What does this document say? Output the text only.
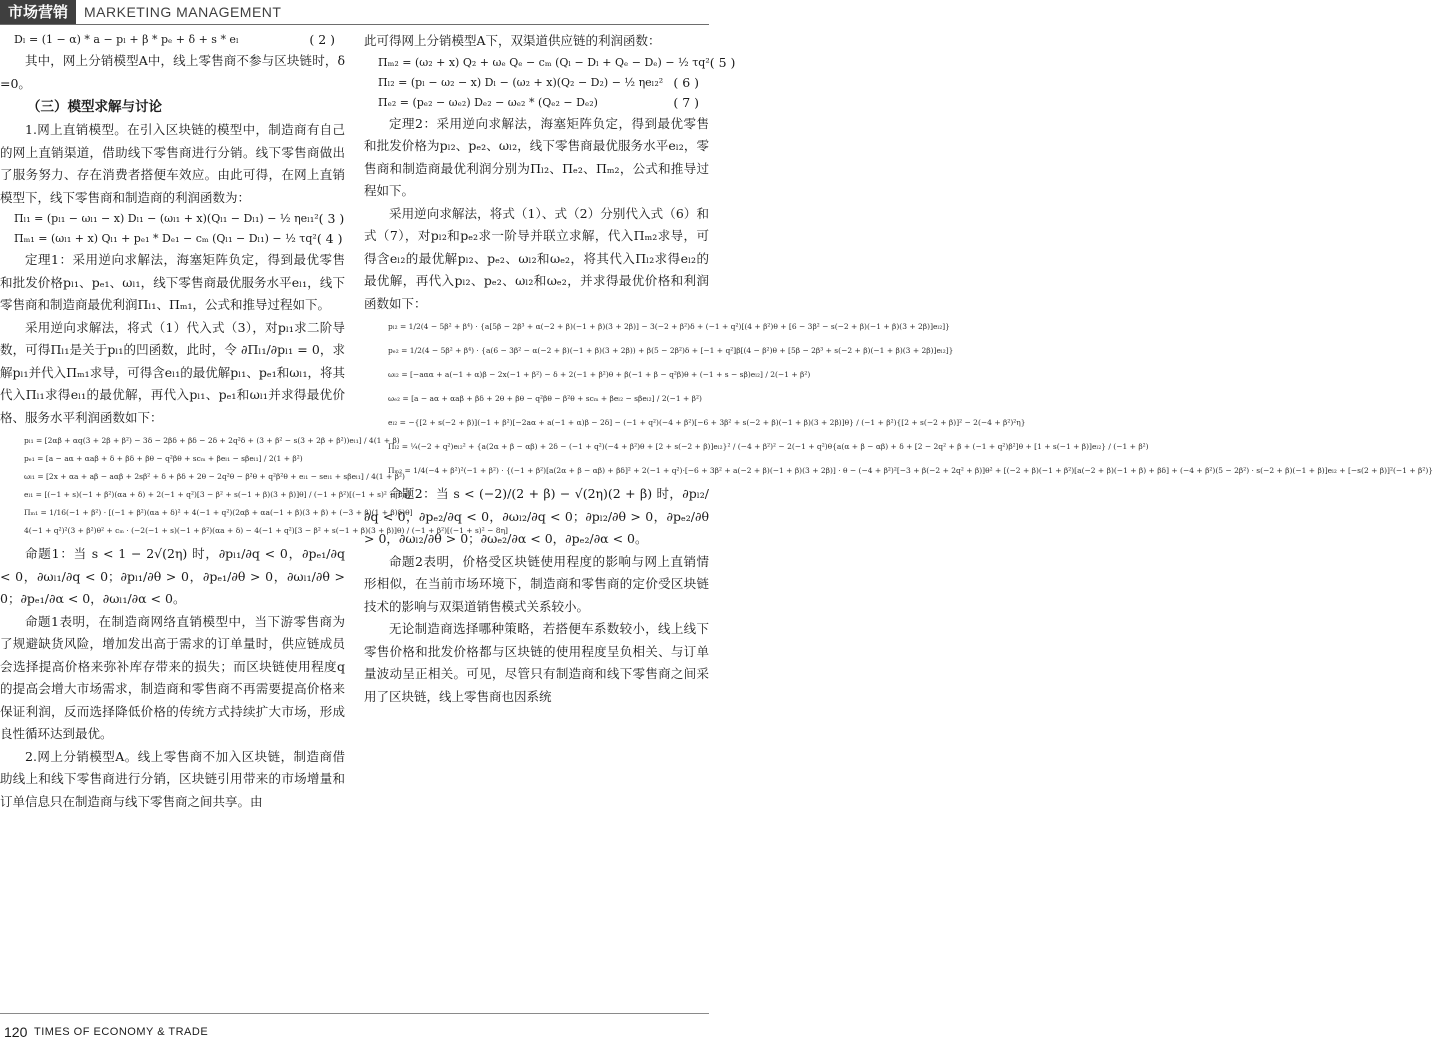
市场营销	MARKETING MANAGEMENT
Dₗ = (1 − α) * a − pₗ + β * pₑ + δ + s * eₗ	( 2 )

其中，网上分销模型A中，线上零售商不参与区块链时，δ =0。

（三）模型求解与讨论

1.网上直销模型。在引入区块链的模型中，制造商有自己的网上直销渠道，借助线下零售商进行分销。线下零售商做出了服务努力、存在消费者搭便车效应。由此可得，在网上直销模型下，线下零售商和制造商的利润函数为：

Πₗ₁ = (pₗ₁ − ωₗ₁ − x) Dₗ₁ − (ωₗ₁ + x)(Qₗ₁ − Dₗ₁) − ½ ηeₗ₁² ( 3 )
Πₘ₁ = (ωₗ₁ + x) Qₗ₁ + pₑ₁ * Dₑ₁ − cₘ (Qₗ₁ − Dₗ₁) − ½ τq² ( 4 )

定理1：采用逆向求解法，海塞矩阵负定，得到最优零售和批发价格pₗ₁、pₑ₁、ωₗ₁，线下零售商最优服务水平eₗ₁，线下零售商和制造商最优利润Πₗ₁、Πₘ₁，公式和推导过程如下。

采用逆向求解法，将式（1）代入式（3），对pₗ₁求二阶导数，可得Πₗ₁是关于pₗ₁的凹函数，此时，令 ∂Πₗ₁/∂pₗ₁ = 0，求解pₗ₁并代入Πₘ₁求导，可得含eₗ₁的最优解pₗ₁、pₑ₁和ωₗ₁，将其代入Πₗ₁求得eₗ₁的最优解，再代入pₗ₁、pₑ₁和ωₗ₁并求得最优价格、服务水平利润函数如下：

pₗ₁ = [2αβ + αq(3 + 2β + β²) − 3δ − 2βδ + βδ − 2δ + 2q²δ + (3 + β² − s(3 + 2β + β²))eₗ₁] / 4(1 + β)
pₑ₁ = [a − aα + αaβ + δ + βδ + βθ − q²βθ + scₘ + βeₗ₁ − sβeₗ₁] / 2(1 + β²)
ωₗ₁ = [2x + αa + aβ − aαβ + 2sβ² + δ + βδ + 2θ − 2q²θ − β²θ + q²β²θ + eₗ₁ − seₗ₁ + sβeₗ₁] / 4(1 + β²)
eₗ₁ = [(−1 + s)(−1 + β²)(αa + δ) + 2(−1 + q²)[3 − β² + s(−1 + β)(3 + β)]θ] / (−1 + β²)[(−1 + s)² − 8η]
Πₘ₁ = 1/16(−1 + β²) · [(−1 + β²)(αa + δ)² + 4(−1 + q²)(2αβ + αa(−1 + β)(3 + β) + (−3 + β)(1 + β)δ)θ]
4(−1 + q²)²(3 + β²)θ² + cₘ · (−2(−1 + s)(−1 + β²)(αa + δ) − 4(−1 + q²)[3 − β² + s(−1 + β)(3 + β)]θ) / (−1 + β²)[(−1 + s)² − 8η]

命题1：当 s < 1 − 2√(2η) 时，∂pₗ₁/∂q < 0，∂pₑ₁/∂q < 0，∂ωₗ₁/∂q < 0；∂pₗ₁/∂θ > 0，∂pₑ₁/∂θ > 0，∂ωₗ₁/∂θ > 0；∂pₑ₁/∂α < 0，∂ωₗ₁/∂α < 0。

命题1表明，在制造商网络直销模型中，当下游零售商为了规避缺货风险，增加发出高于需求的订单量时，供应链成员会选择提高价格来弥补库存带来的损失；而区块链使用程度q的提高会增大市场需求，制造商和零售商不再需要提高价格来保证利润，反而选择降低价格的传统方式持续扩大市场，形成良性循环达到最优。

2.网上分销模型A。线上零售商不加入区块链，制造商借助线上和线下零售商进行分销，区块链引用带来的市场增量和订单信息只在制造商与线下零售商之间共享。由

此可得网上分销模型A下，双渠道供应链的利润函数：

Πₘ₂ = (ω₂ + x) Q₂ + ωₑ Qₑ − cₘ (Qₗ − Dₗ + Qₑ − Dₑ) − ½ τq² ( 5 )
Πₗ₂ = (pₗ − ω₂ − x) Dₗ − (ω₂ + x)(Q₂ − D₂) − ½ ηeₗ₂² ( 6 )
Πₑ₂ = (pₑ₂ − ωₑ₂) Dₑ₂ − ωₑ₂ * (Qₑ₂ − Dₑ₂)	( 7 )

定理2：采用逆向求解法，海塞矩阵负定，得到最优零售和批发价格为pₗ₂、pₑ₂、ωₗ₂，线下零售商最优服务水平eₗ₂，零售商和制造商最优利润分别为Πₗ₂、Πₑ₂、Πₘ₂，公式和推导过程如下。

采用逆向求解法，将式（1）、式（2）分别代入式（6）和式（7），对pₗ₂和pₑ₂求一阶导并联立求解，代入Πₘ₂求导，可得含eₗ₂的最优解pₗ₂、pₑ₂、ωₗ₂和ωₑ₂，将其代入Πₗ₂求得eₗ₂的最优解，再代入pₗ₂、pₑ₂、ωₗ₂和ωₑ₂，并求得最优价格和利润函数如下：

pₗ₂ = 1/2(4 − 5β² + β⁴) · {a[5β − 2β³ + α(−2 + β)(−1 + β)(3 + 2β)] − 3(−2 + β²)δ + (−1 + q²)[(4 + β²)θ + [6 − 3β² − s(−2 + β)(−1 + β)(3 + 2β)]eₗ₂]}
pₑ₂ = 1/2(4 − 5β² + β⁴) · {a(6 − 3β² − α(−2 + β)(−1 + β)(3 + 2β)) + β(5 − 2β²)δ + [−1 + q²]β[(4 − β²)θ + [5β − 2β³ + s(−2 + β)(−1 + β)(3 + 2β)]eₗ₂]}
ωₗ₂ = [−aαα + a(−1 + α)β − 2x(−1 + β²) − δ + 2(−1 + β²)θ + β(−1 + β − q²β)θ + (−1 + s − sβ)eₗ₂] / 2(−1 + β²)
ωₑ₂ = [a − aα + αaβ + βδ + 2θ + βθ − q²βθ − β²θ + scₘ + βeₗ₂ − sβeₗ₂] / 2(−1 + β²)
eₗ₂ = −{[2 + s(−2 + β)](−1 + β²)[−2aα + a(−1 + α)β − 2δ] − (−1 + q²)(−4 + β²)[−6 + 3β² + s(−2 + β)(−1 + β)(3 + 2β)]θ} / (−1 + β²){[2 + s(−2 + β)]² − 2(−4 + β²)²η}
Πₗ₂ = ¼(−2 + q²)eₗ₂² + {a(2α + β − αβ) + 2δ − (−1 + q²)(−4 + β²)θ + [2 + s(−2 + β)]eₗ₂}² / (−4 + β²)² − 2(−1 + q²)θ{a(α + β − αβ) + δ + [2 − 2q² + β + (−1 + q²)β²]θ + [1 + s(−1 + β)]eₗ₂} / (−1 + β²)
Πₘ₂ = 1/4(−4 + β²)²(−1 + β²) · {(−1 + β²)[a(2α + β − αβ) + βδ]² + 2(−1 + q²)·[−6 + 3β² + a(−2 + β)(−1 + β)(3 + 2β)] · θ − (−4 + β²)²[−3 + β(−2 + 2q² + β)]θ² + [(−2 + β)(−1 + β²)[a(−2 + β)(−1 + β) + βδ] + (−4 + β²)(5 − 2β²) · s(−2 + β)(−1 + β)]eₗ₂ + [−s(2 + β)]²(−1 + β²)}

命题2：当 s < (−2)/(2 + β) − √(2η)(2 + β) 时，∂pₗ₂/∂q < 0，∂pₑ₂/∂q < 0，∂ωₗ₂/∂q < 0；∂pₗ₂/∂θ > 0，∂pₑ₂/∂θ > 0，∂ωₗ₂/∂θ > 0；∂ωₑ₂/∂α < 0，∂pₑ₂/∂α < 0。

命题2表明，价格受区块链使用程度的影响与网上直销情形相似，在当前市场环境下，制造商和零售商的定价受区块链技术的影响与双渠道销售模式关系较小。

无论制造商选择哪种策略，若搭便车系数较小，线上线下零售价格和批发价格都与区块链的使用程度呈负相关、与订单量波动呈正相关。可见，尽管只有制造商和线下零售商之间采用了区块链，线上零售商也因系统

120 TIMES OF ECONOMY & TRADE
